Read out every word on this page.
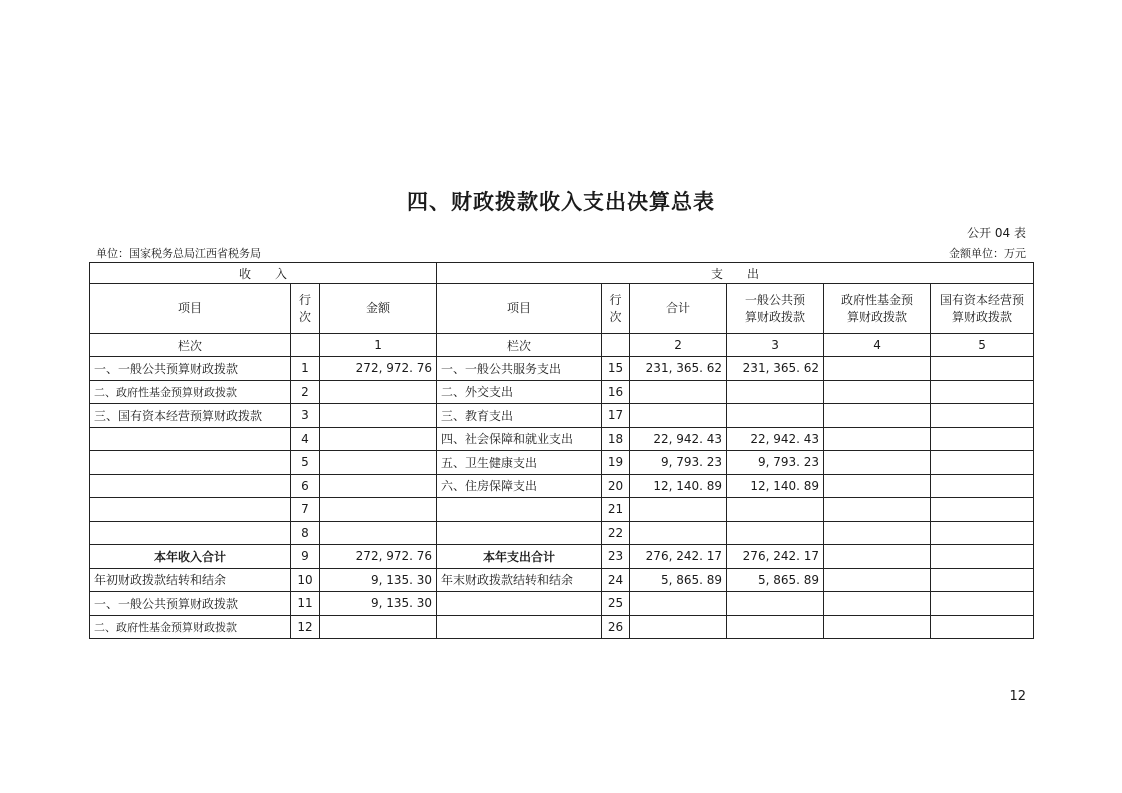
四、财政拨款收入支出决算总表
公开 04 表
单位：国家税务总局江西省税务局	金额单位：万元
收　　入			支　　出					
项目	行次	金额	项目	行次	合计	一般公共预算财政拨款	政府性基金预算财政拨款	国有资本经营预算财政拨款
栏次		1	栏次		2	3	4	5
一、一般公共预算财政拨款	1	272, 972. 76	一、一般公共服务支出	15	231, 365. 62	231, 365. 62		
二、政府性基金预算财政拨款	2		二、外交支出	16				
三、国有资本经营预算财政拨款	3		三、教育支出	17				
	4		四、社会保障和就业支出	18	22, 942. 43	22, 942. 43		
	5		五、卫生健康支出	19	9, 793. 23	9, 793. 23		
	6		六、住房保障支出	20	12, 140. 89	12, 140. 89		
	7			21				
	8			22				
本年收入合计	9	272, 972. 76	本年支出合计	23	276, 242. 17	276, 242. 17		
年初财政拨款结转和结余	10	9, 135. 30	年末财政拨款结转和结余	24	5, 865. 89	5, 865. 89		
一、一般公共预算财政拨款	11	9, 135. 30		25				
二、政府性基金预算财政拨款	12			26				
12
